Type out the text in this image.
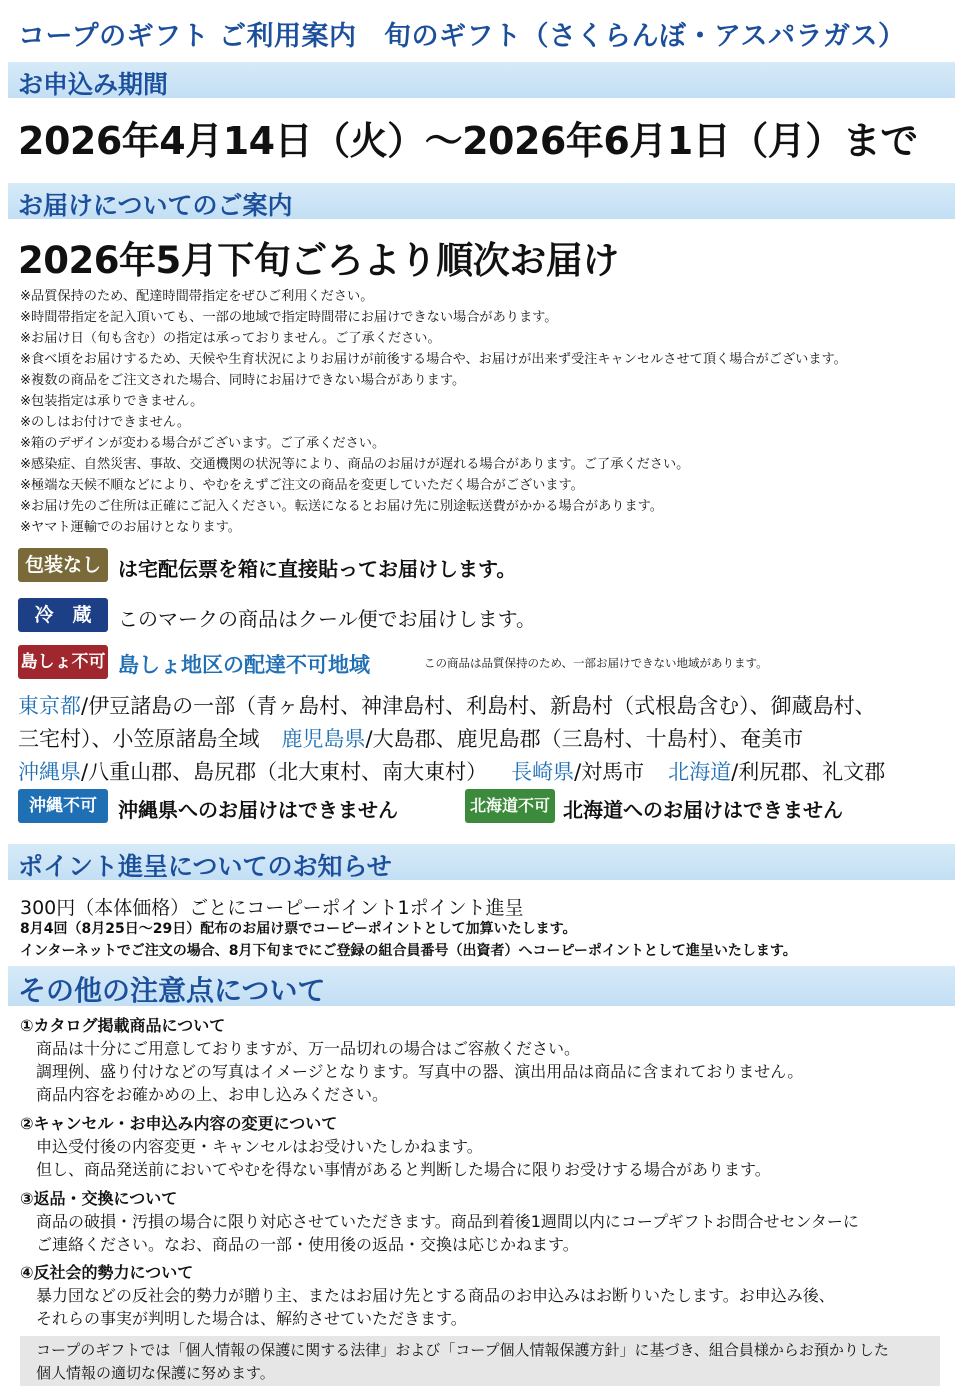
コープのギフト ご利用案内　旬のギフト（さくらんぼ・アスパラガス）
お申込み期間
2026年4月14日（火）～2026年6月1日（月）まで
お届けについてのご案内
2026年5月下旬ごろより順次お届け
※品質保持のため、配達時間帯指定をぜひご利用ください。
※時間帯指定を記入頂いても、一部の地域で指定時間帯にお届けできない場合があります。
※お届け日（旬も含む）の指定は承っておりません。ご了承ください。
※食べ頃をお届けするため、天候や生育状況によりお届けが前後する場合や、お届けが出来ず受注キャンセルさせて頂く場合がございます。
※複数の商品をご注文された場合、同時にお届けできない場合があります。
※包装指定は承りできません。
※のしはお付けできません。
※箱のデザインが変わる場合がございます。ご了承ください。
※感染症、自然災害、事故、交通機関の状況等により、商品のお届けが遅れる場合があります。ご了承ください。
※極端な天候不順などにより、やむをえずご注文の商品を変更していただく場合がございます。
※お届け先のご住所は正確にご記入ください。転送になるとお届け先に別途転送費がかかる場合があります。
※ヤマト運輸でのお届けとなります。
包装なし は宅配伝票を箱に直接貼ってお届けします。
冷　蔵	このマークの商品はクール便でお届けします。
島しょ不可 島しょ地区の配達不可地域	この商品は品質保持のため、一部お届けできない地域があります。
東京都/伊豆諸島の一部（青ヶ島村、神津島村、利島村、新島村（式根島含む）、御蔵島村、
三宅村）、小笠原諸島全域 鹿児島県/大島郡、鹿児島郡（三島村、十島村）、奄美市
沖縄県/八重山郡、島尻郡（北大東村、南大東村） 長崎県/対馬市 北海道/利尻郡、礼文郡
沖縄不可	沖縄県へのお届けはできません	北海道不可 北海道へのお届けはできません
ポイント進呈についてのお知らせ
300円（本体価格）ごとにコーピーポイント1ポイント進呈
8月4回（8月25日～29日）配布のお届け票でコーピーポイントとして加算いたします。
インターネットでご注文の場合、8月下旬までにご登録の組合員番号（出資者）へコーピーポイントとして進呈いたします。
その他の注意点について
①カタログ掲載商品について
商品は十分にご用意しておりますが、万一品切れの場合はご容赦ください。
調理例、盛り付けなどの写真はイメージとなります。写真中の器、演出用品は商品に含まれておりません。
商品内容をお確かめの上、お申し込みください。
②キャンセル・お申込み内容の変更について
申込受付後の内容変更・キャンセルはお受けいたしかねます。
但し、商品発送前においてやむを得ない事情があると判断した場合に限りお受けする場合があります。
③返品・交換について
商品の破損・汚損の場合に限り対応させていただきます。商品到着後1週間以内にコープギフトお問合せセンターに
ご連絡ください。なお、商品の一部・使用後の返品・交換は応じかねます。
④反社会的勢力について
暴力団などの反社会的勢力が贈り主、またはお届け先とする商品のお申込みはお断りいたします。お申込み後、
それらの事実が判明した場合は、解約させていただきます。
コープのギフトでは「個人情報の保護に関する法律」および「コープ個人情報保護方針」に基づき、組合員様からお預かりした
個人情報の適切な保護に努めます。
